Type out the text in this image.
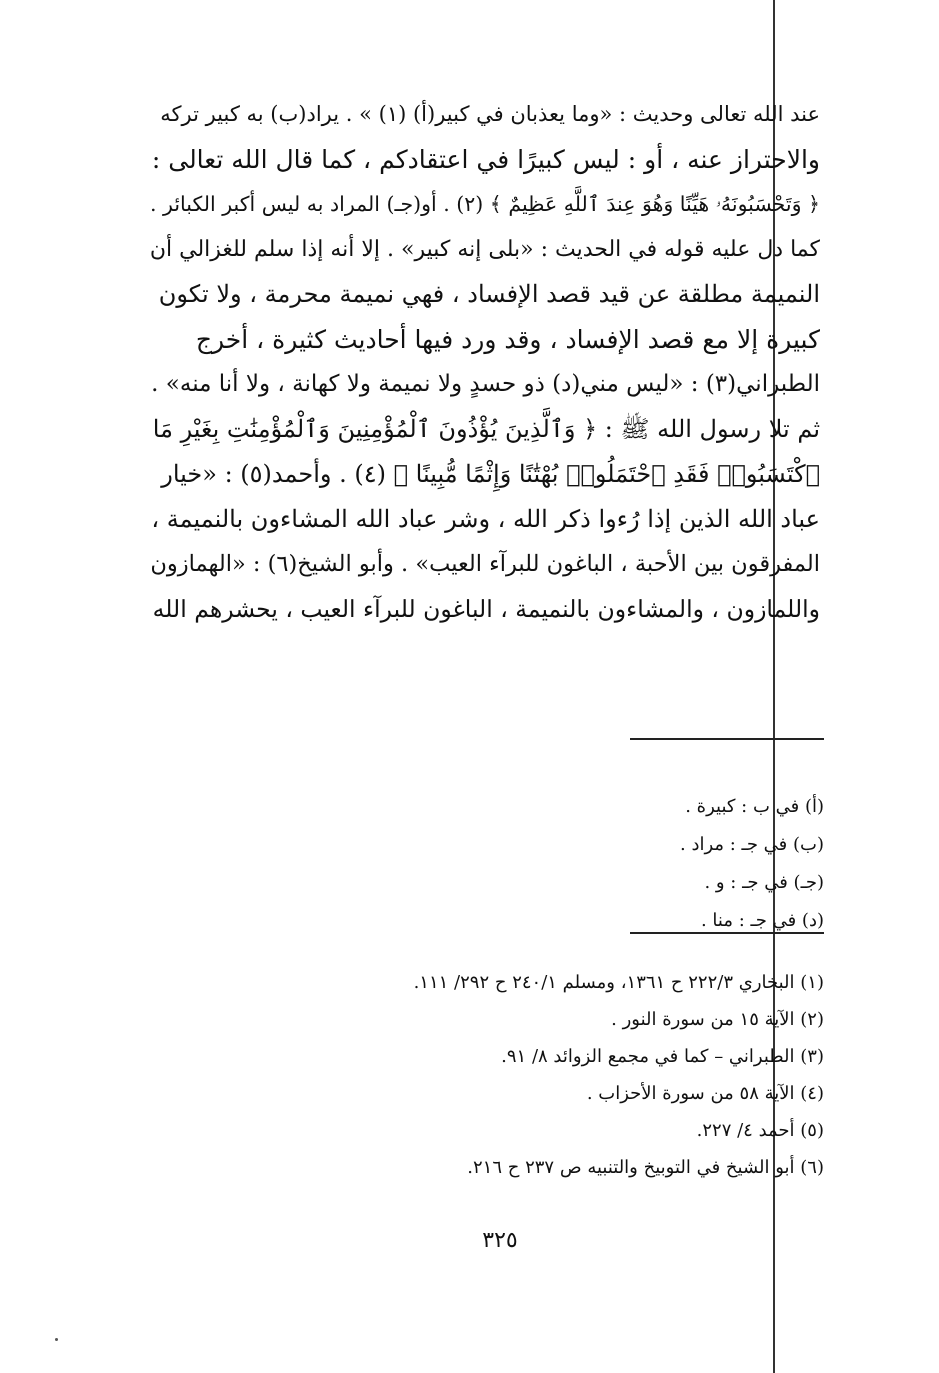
عند الله تعالى وحديث : «وما يعذبان في كبير(أ) (١) » . يراد(ب) به كبير تركه
والاحتراز عنه ، أو : ليس كبيرًا في اعتقادكم ، كما قال الله تعالى :
﴿ وَتَحْسَبُونَهُۥ هَيِّنًا وَهُوَ عِندَ ٱللَّهِ عَظِيمٌ ﴾ (٢) . أو(جـ) المراد به ليس أكبر الكبائر .
كما دل عليه قوله في الحديث : «بلى إنه كبير» . إلا أنه إذا سلم للغزالي أن
النميمة مطلقة عن قيد قصد الإفساد ، فهي نميمة محرمة ، ولا تكون
كبيرة إلا مع قصد الإفساد ، وقد ورد فيها أحاديث كثيرة ، أخرج
الطبراني(٣) : «ليس مني(د) ذو حسدٍ ولا نميمة ولا كهانة ، ولا أنا منه» .
ثم تلا رسول الله ﷺ : ﴿ وَٱلَّذِينَ يُؤْذُونَ ٱلْمُؤْمِنِينَ وَٱلْمُؤْمِنَٰتِ بِغَيْرِ مَا
ٱكْتَسَبُوا۟ فَقَدِ ٱحْتَمَلُوا۟ بُهْتَٰنًا وَإِثْمًا مُّبِينًا ﴾ (٤) . وأحمد(٥) : «خيار
عباد الله الذين إذا رُءوا ذكر الله ، وشر عباد الله المشاءون بالنميمة ،
المفرقون بين الأحبة ، الباغون للبرآء العيب» . وأبو الشيخ(٦) : «الهمازون
واللمازون ، والمشاءون بالنميمة ، الباغون للبرآء العيب ، يحشرهم الله
(أ) في ب : كبيرة .
(ب) في جـ : مراد .
(جـ) في جـ : و .
(د) في جـ : منا .
(١) البخاري ٢٢٢/٣ ح ١٣٦١، ومسلم ٢٤٠/١ ح ٢٩٢/ ١١١.
(٢) الآية ١٥ من سورة النور .
(٣) الطبراني – كما في مجمع الزوائد ٨/ ٩١.
(٤) الآية ٥٨ من سورة الأحزاب .
(٥) أحمد ٤/ ٢٢٧.
(٦) أبو الشيخ في التوبيخ والتنبيه ص ٢٣٧ ح ٢١٦.
٣٢٥
